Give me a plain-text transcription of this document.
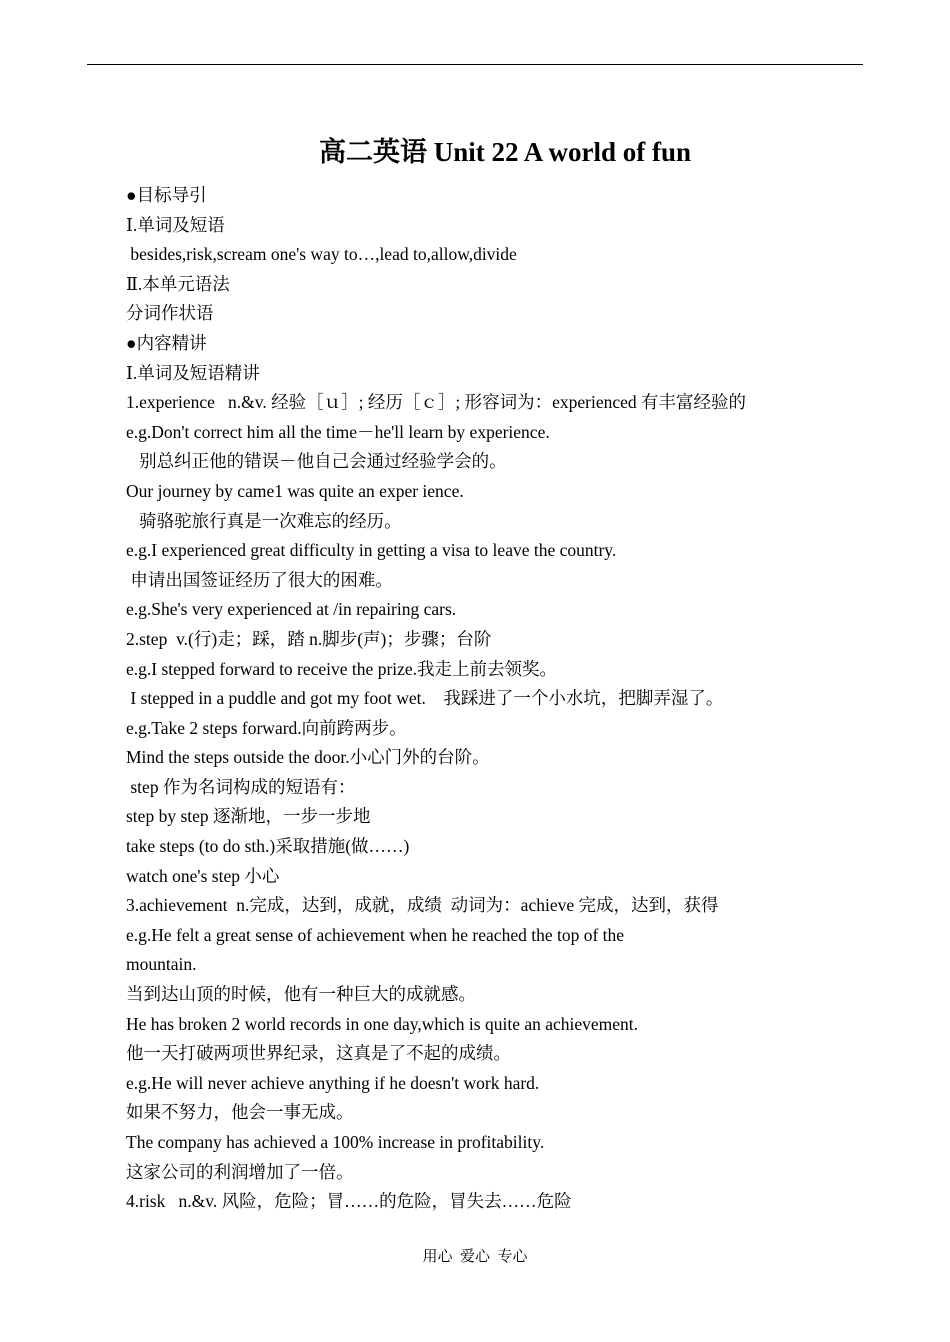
高二英语 Unit 22 A world of fun
●目标导引
Ⅰ.单词及短语
besides,risk,scream one's way to…,lead to,allow,divide
Ⅱ.本单元语法
分词作状语
●内容精讲
Ⅰ.单词及短语精讲
1.experience   n.&v. 经验［ｕ］; 经历［ｃ］; 形容词为：experienced 有丰富经验的
e.g.Don't correct him all the time－he'll learn by experience.
别总纠正他的错误－他自己会通过经验学会的。
Our journey by came1 was quite an exper ience.
骑骆驼旅行真是一次难忘的经历。
e.g.I experienced great difficulty in getting a visa to leave the country.
申请出国签证经历了很大的困难。
e.g.She's very experienced at /in repairing cars.
2.step  v.(行)走；踩，踏 n.脚步(声)；步骤；台阶
e.g.I stepped forward to receive the prize.我走上前去领奖。
I stepped in a puddle and got my foot wet.    我踩进了一个小水坑，把脚弄湿了。
e.g.Take 2 steps forward.向前跨两步。
Mind the steps outside the door.小心门外的台阶。
step 作为名词构成的短语有：
step by step 逐渐地，一步一步地
take steps (to do sth.)采取措施(做……)
watch one's step 小心
3.achievement  n.完成，达到，成就，成绩  动词为：achieve 完成，达到，获得
e.g.He felt a great sense of achievement when he reached the top of the
mountain.
当到达山顶的时候，他有一种巨大的成就感。
He has broken 2 world records in one day,which is quite an achievement.
他一天打破两项世界纪录，这真是了不起的成绩。
e.g.He will never achieve anything if he doesn't work hard.
如果不努力，他会一事无成。
The company has achieved a 100% increase in profitability.
这家公司的利润增加了一倍。
4.risk   n.&v. 风险，危险；冒……的危险，冒失去……危险
用心  爱心  专心
